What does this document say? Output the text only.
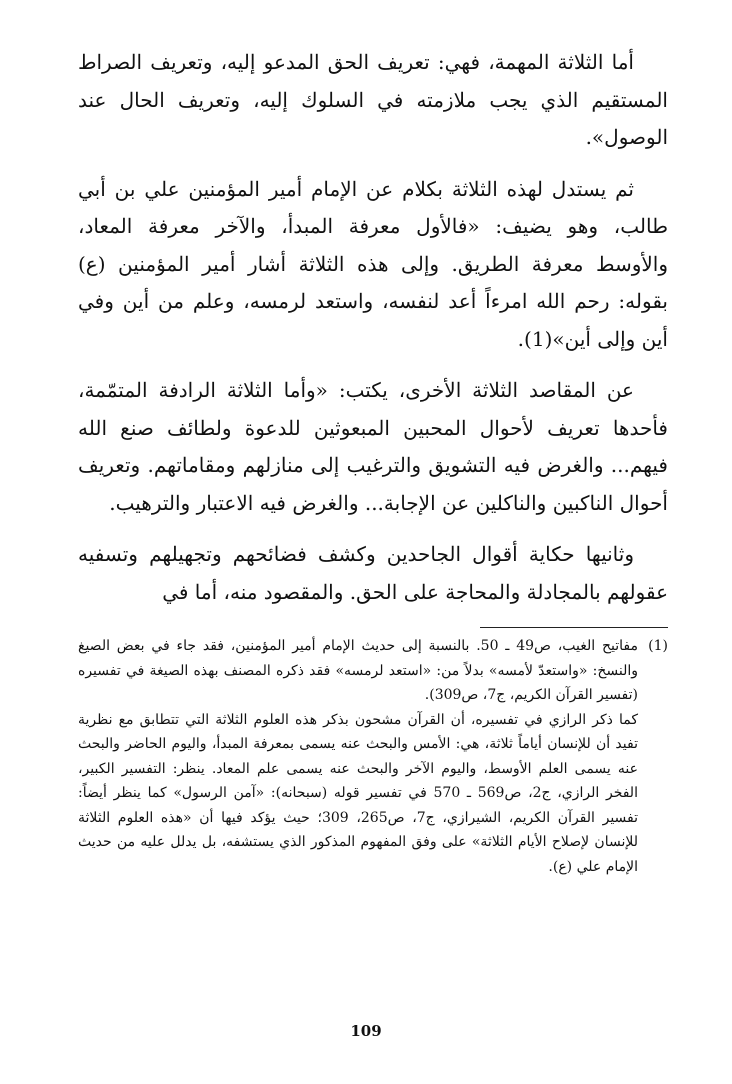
أما الثلاثة المهمة، فهي: تعريف الحق المدعو إليه، وتعريف الصراط المستقيم الذي يجب ملازمته في السلوك إليه، وتعريف الحال عند الوصول».

ثم يستدل لهذه الثلاثة بكلام عن الإمام أمير المؤمنين علي بن أبي طالب، وهو يضيف: «فالأول معرفة المبدأ، والآخر معرفة المعاد، والأوسط معرفة الطريق. وإلى هذه الثلاثة أشار أمير المؤمنين (ع) بقوله: رحم الله امرءاً أعد لنفسه، واستعد لرمسه، وعلم من أين وفي أين وإلى أين»(1).

عن المقاصد الثلاثة الأخرى، يكتب: «وأما الثلاثة الرادفة المتمّمة، فأحدها تعريف لأحوال المحبين المبعوثين للدعوة ولطائف صنع الله فيهم... والغرض فيه التشويق والترغيب إلى منازلهم ومقاماتهم. وتعريف أحوال الناكبين والناكلين عن الإجابة... والغرض فيه الاعتبار والترهيب.

وثانيها حكاية أقوال الجاحدين وكشف فضائحهم وتجهيلهم وتسفيه عقولهم بالمجادلة والمحاجة على الحق. والمقصود منه، أما في

(1)

مفاتيح الغيب، ص49 ـ 50. بالنسبة إلى حديث الإمام أمير المؤمنين، فقد جاء في بعض الصيغ والنسخ: «واستعدّ لأمسه» بدلاً من: «استعد لرمسه» فقد ذكره المصنف بهذه الصيغة في تفسيره (تفسير القرآن الكريم، ج7، ص309).

كما ذكر الرازي في تفسيره، أن القرآن مشحون بذكر هذه العلوم الثلاثة التي تتطابق مع نظرية تفيد أن للإنسان أياماً ثلاثة، هي: الأمس والبحث عنه يسمى بمعرفة المبدأ، واليوم الحاضر والبحث عنه يسمى العلم الأوسط، واليوم الآخر والبحث عنه يسمى علم المعاد. ينظر: التفسير الكبير، الفخر الرازي، ج2، ص569 ـ 570 في تفسير قوله (سبحانه): «آمن الرسول» كما ينظر أيضاً: تفسير القرآن الكريم، الشيرازي، ج7، ص265، 309؛ حيث يؤكد فيها أن «هذه العلوم الثلاثة للإنسان لإصلاح الأيام الثلاثة» على وفق المفهوم المذكور الذي يستشفه، بل يدلل عليه من حديث الإمام علي (ع).

109
